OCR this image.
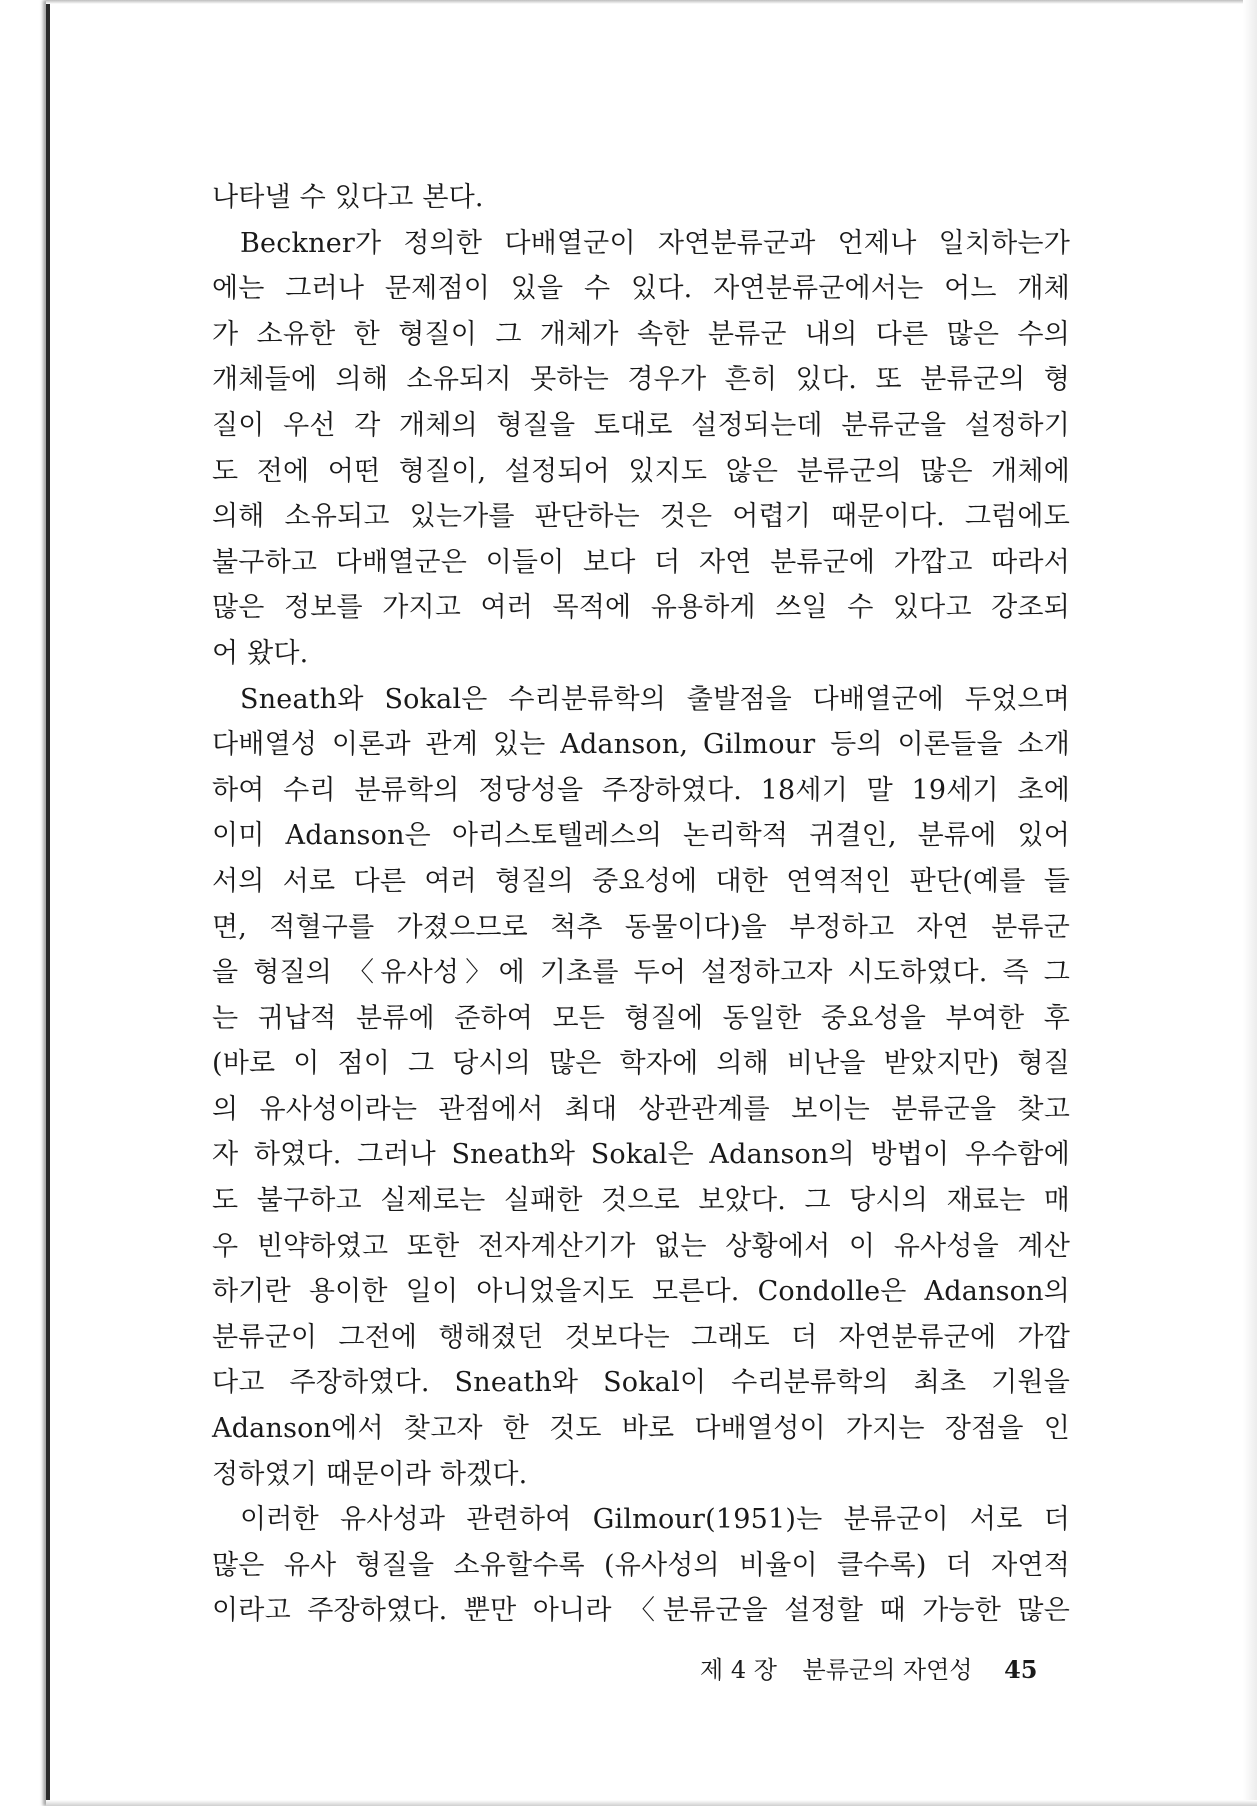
나타낼 수 있다고 본다.
Beckner가 정의한 다배열군이 자연분류군과 언제나 일치하는가
에는 그러나 문제점이 있을 수 있다. 자연분류군에서는 어느 개체
가 소유한 한 형질이 그 개체가 속한 분류군 내의 다른 많은 수의
개체들에 의해 소유되지 못하는 경우가 흔히 있다. 또 분류군의 형
질이 우선 각 개체의 형질을 토대로 설정되는데 분류군을 설정하기
도 전에 어떤 형질이, 설정되어 있지도 않은 분류군의 많은 개체에
의해 소유되고 있는가를 판단하는 것은 어렵기 때문이다. 그럼에도
불구하고 다배열군은 이들이 보다 더 자연 분류군에 가깝고 따라서
많은 정보를 가지고 여러 목적에 유용하게 쓰일 수 있다고 강조되
어 왔다.
Sneath와 Sokal은 수리분류학의 출발점을 다배열군에 두었으며
다배열성 이론과 관계 있는 Adanson, Gilmour 등의 이론들을 소개
하여 수리 분류학의 정당성을 주장하였다. 18세기 말 19세기 초에
이미 Adanson은 아리스토텔레스의 논리학적 귀결인, 분류에 있어
서의 서로 다른 여러 형질의 중요성에 대한 연역적인 판단(예를 들
면, 적혈구를 가졌으므로 척추 동물이다)을 부정하고 자연 분류군
을 형질의 〈유사성〉에 기초를 두어 설정하고자 시도하였다. 즉 그
는 귀납적 분류에 준하여 모든 형질에 동일한 중요성을 부여한 후
(바로 이 점이 그 당시의 많은 학자에 의해 비난을 받았지만) 형질
의 유사성이라는 관점에서 최대 상관관계를 보이는 분류군을 찾고
자 하였다. 그러나 Sneath와 Sokal은 Adanson의 방법이 우수함에
도 불구하고 실제로는 실패한 것으로 보았다. 그 당시의 재료는 매
우 빈약하였고 또한 전자계산기가 없는 상황에서 이 유사성을 계산
하기란 용이한 일이 아니었을지도 모른다. Condolle은 Adanson의
분류군이 그전에 행해졌던 것보다는 그래도 더 자연분류군에 가깝
다고 주장하였다. Sneath와 Sokal이 수리분류학의 최초 기원을
Adanson에서 찾고자 한 것도 바로 다배열성이 가지는 장점을 인
정하였기 때문이라 하겠다.
이러한 유사성과 관련하여 Gilmour(1951)는 분류군이 서로 더
많은 유사 형질을 소유할수록 (유사성의 비율이 클수록) 더 자연적
이라고 주장하였다. 뿐만 아니라 〈분류군을 설정할 때 가능한 많은
제 4 장 분류군의 자연성 45
